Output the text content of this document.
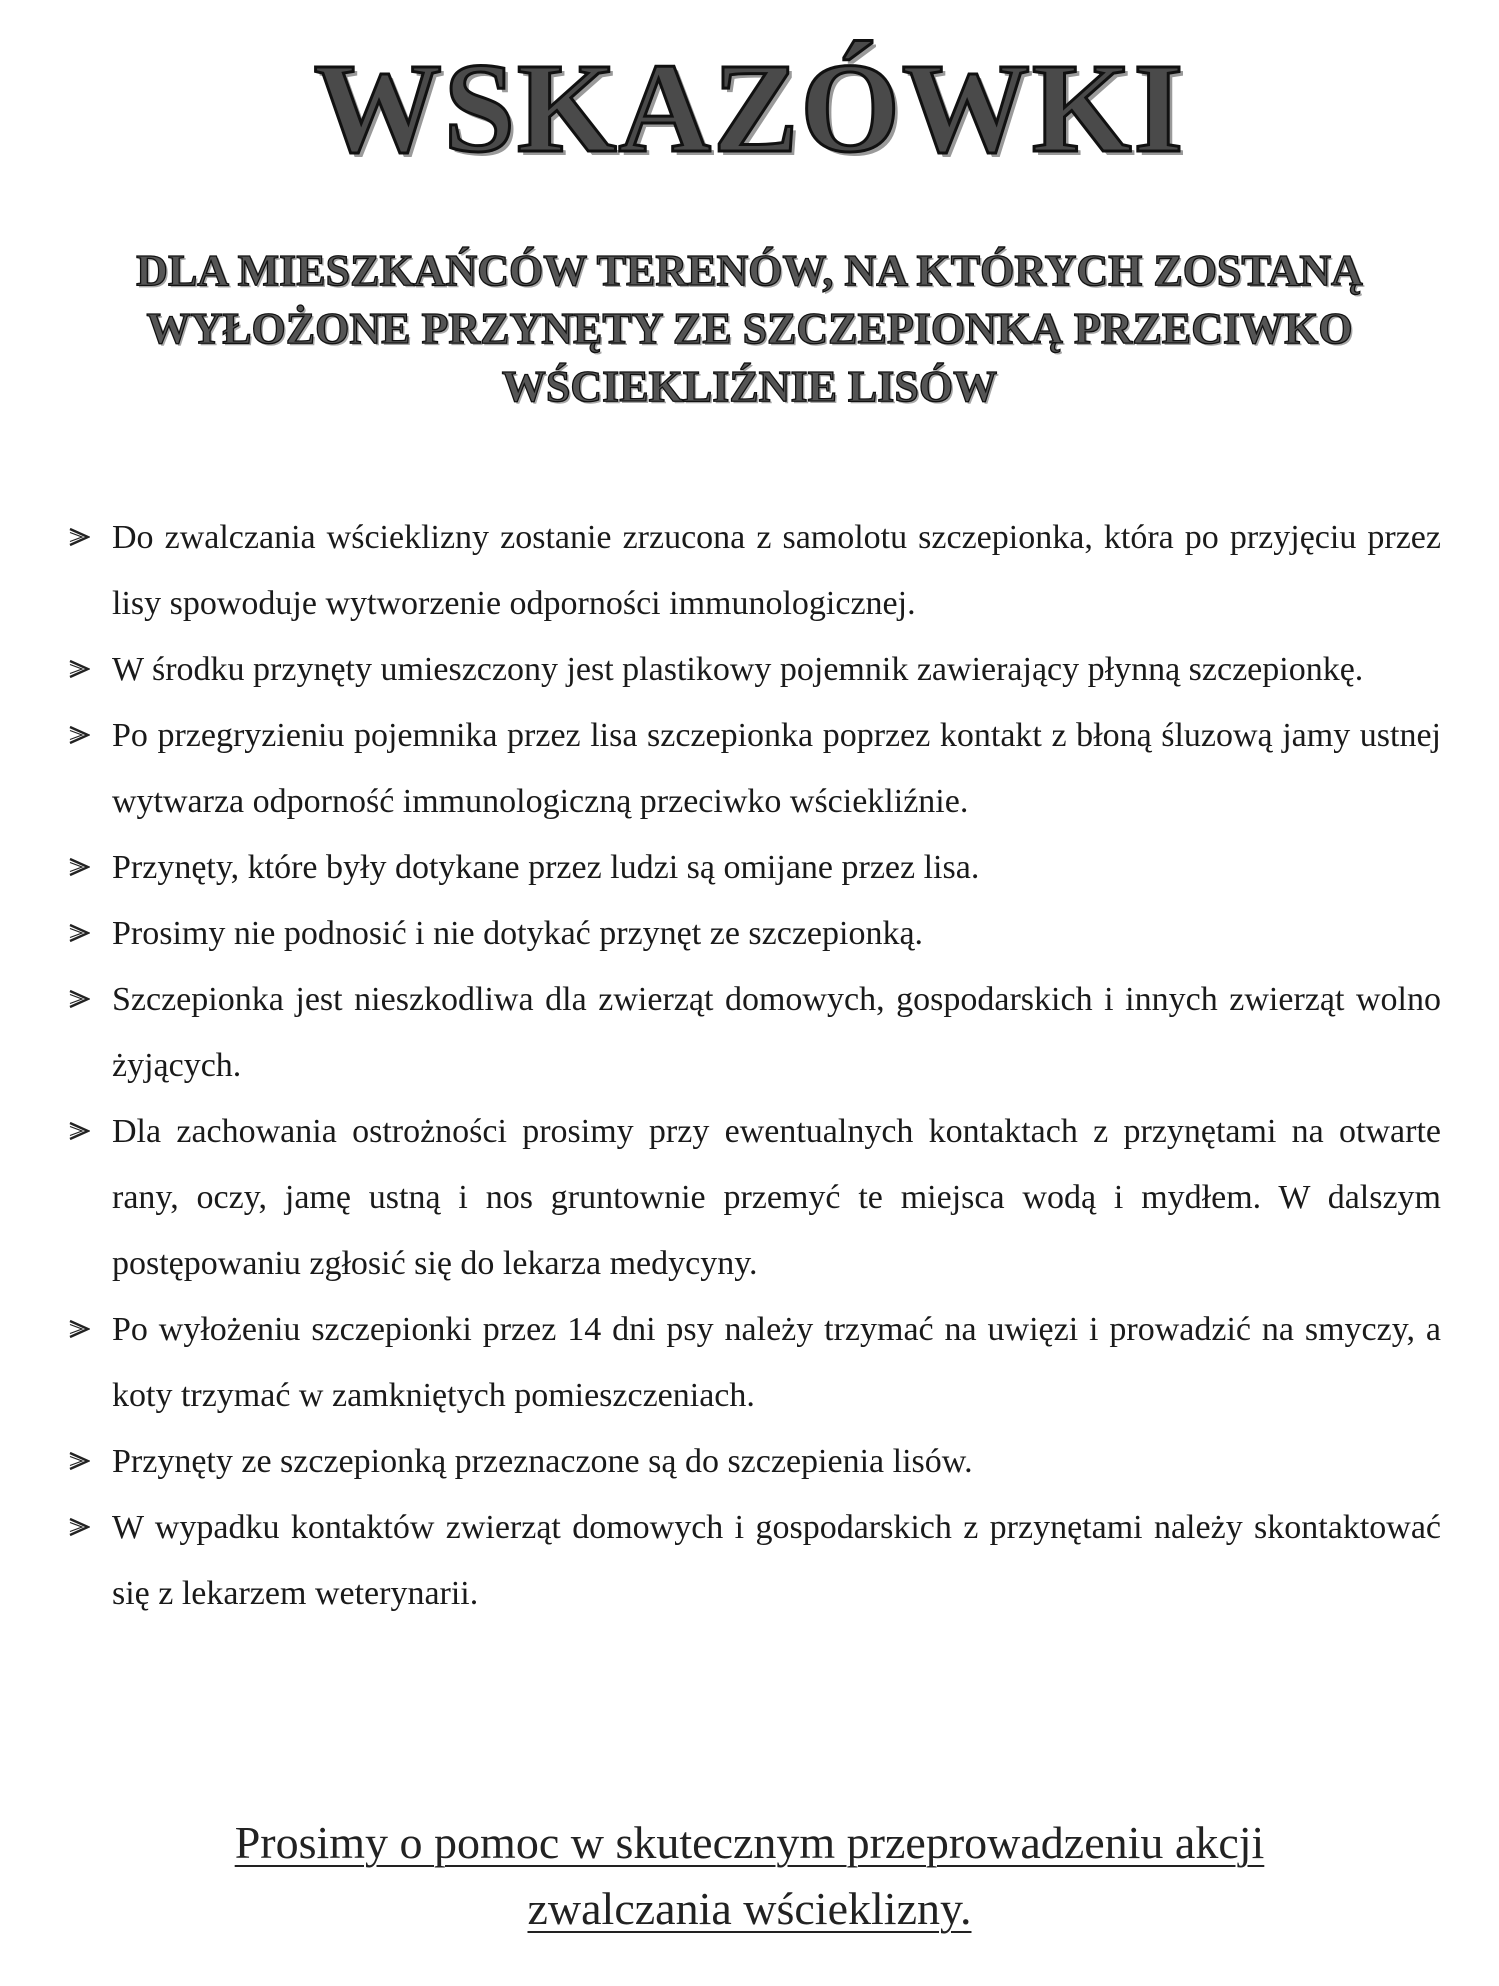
WSKAZÓWKI
DLA MIESZKAŃCÓW TERENÓW, NA KTÓRYCH ZOSTANĄ
WYŁOŻONE PRZYNĘTY ZE SZCZEPIONKĄ PRZECIWKO
WŚCIEKLIŹNIE LISÓW
Do zwalczania wścieklizny zostanie zrzucona z samolotu szczepionka, która po przyjęciu przez lisy spowoduje wytworzenie odporności immunologicznej.
W środku przynęty umieszczony jest plastikowy pojemnik zawierający płynną szczepionkę.
Po przegryzieniu pojemnika przez lisa szczepionka poprzez kontakt z błoną śluzową jamy ustnej wytwarza odporność immunologiczną przeciwko wściekliźnie.
Przynęty, które były dotykane przez ludzi są omijane przez lisa.
Prosimy nie podnosić i nie dotykać przynęt ze szczepionką.
Szczepionka jest nieszkodliwa dla zwierząt domowych, gospodarskich i innych zwierząt wolno żyjących.
Dla zachowania ostrożności prosimy przy ewentualnych kontaktach z przynętami na otwarte rany, oczy, jamę ustną i nos gruntownie przemyć te miejsca wodą i mydłem. W dalszym postępowaniu zgłosić się do lekarza medycyny.
Po wyłożeniu szczepionki przez 14 dni psy należy trzymać na uwięzi i prowadzić na smyczy, a koty trzymać w zamkniętych pomieszczeniach.
Przynęty ze szczepionką przeznaczone są do szczepienia lisów.
W wypadku kontaktów zwierząt domowych i gospodarskich z przynętami należy skontaktować się z lekarzem weterynarii.
Prosimy o pomoc w skutecznym przeprowadzeniu akcji
zwalczania wścieklizny.
